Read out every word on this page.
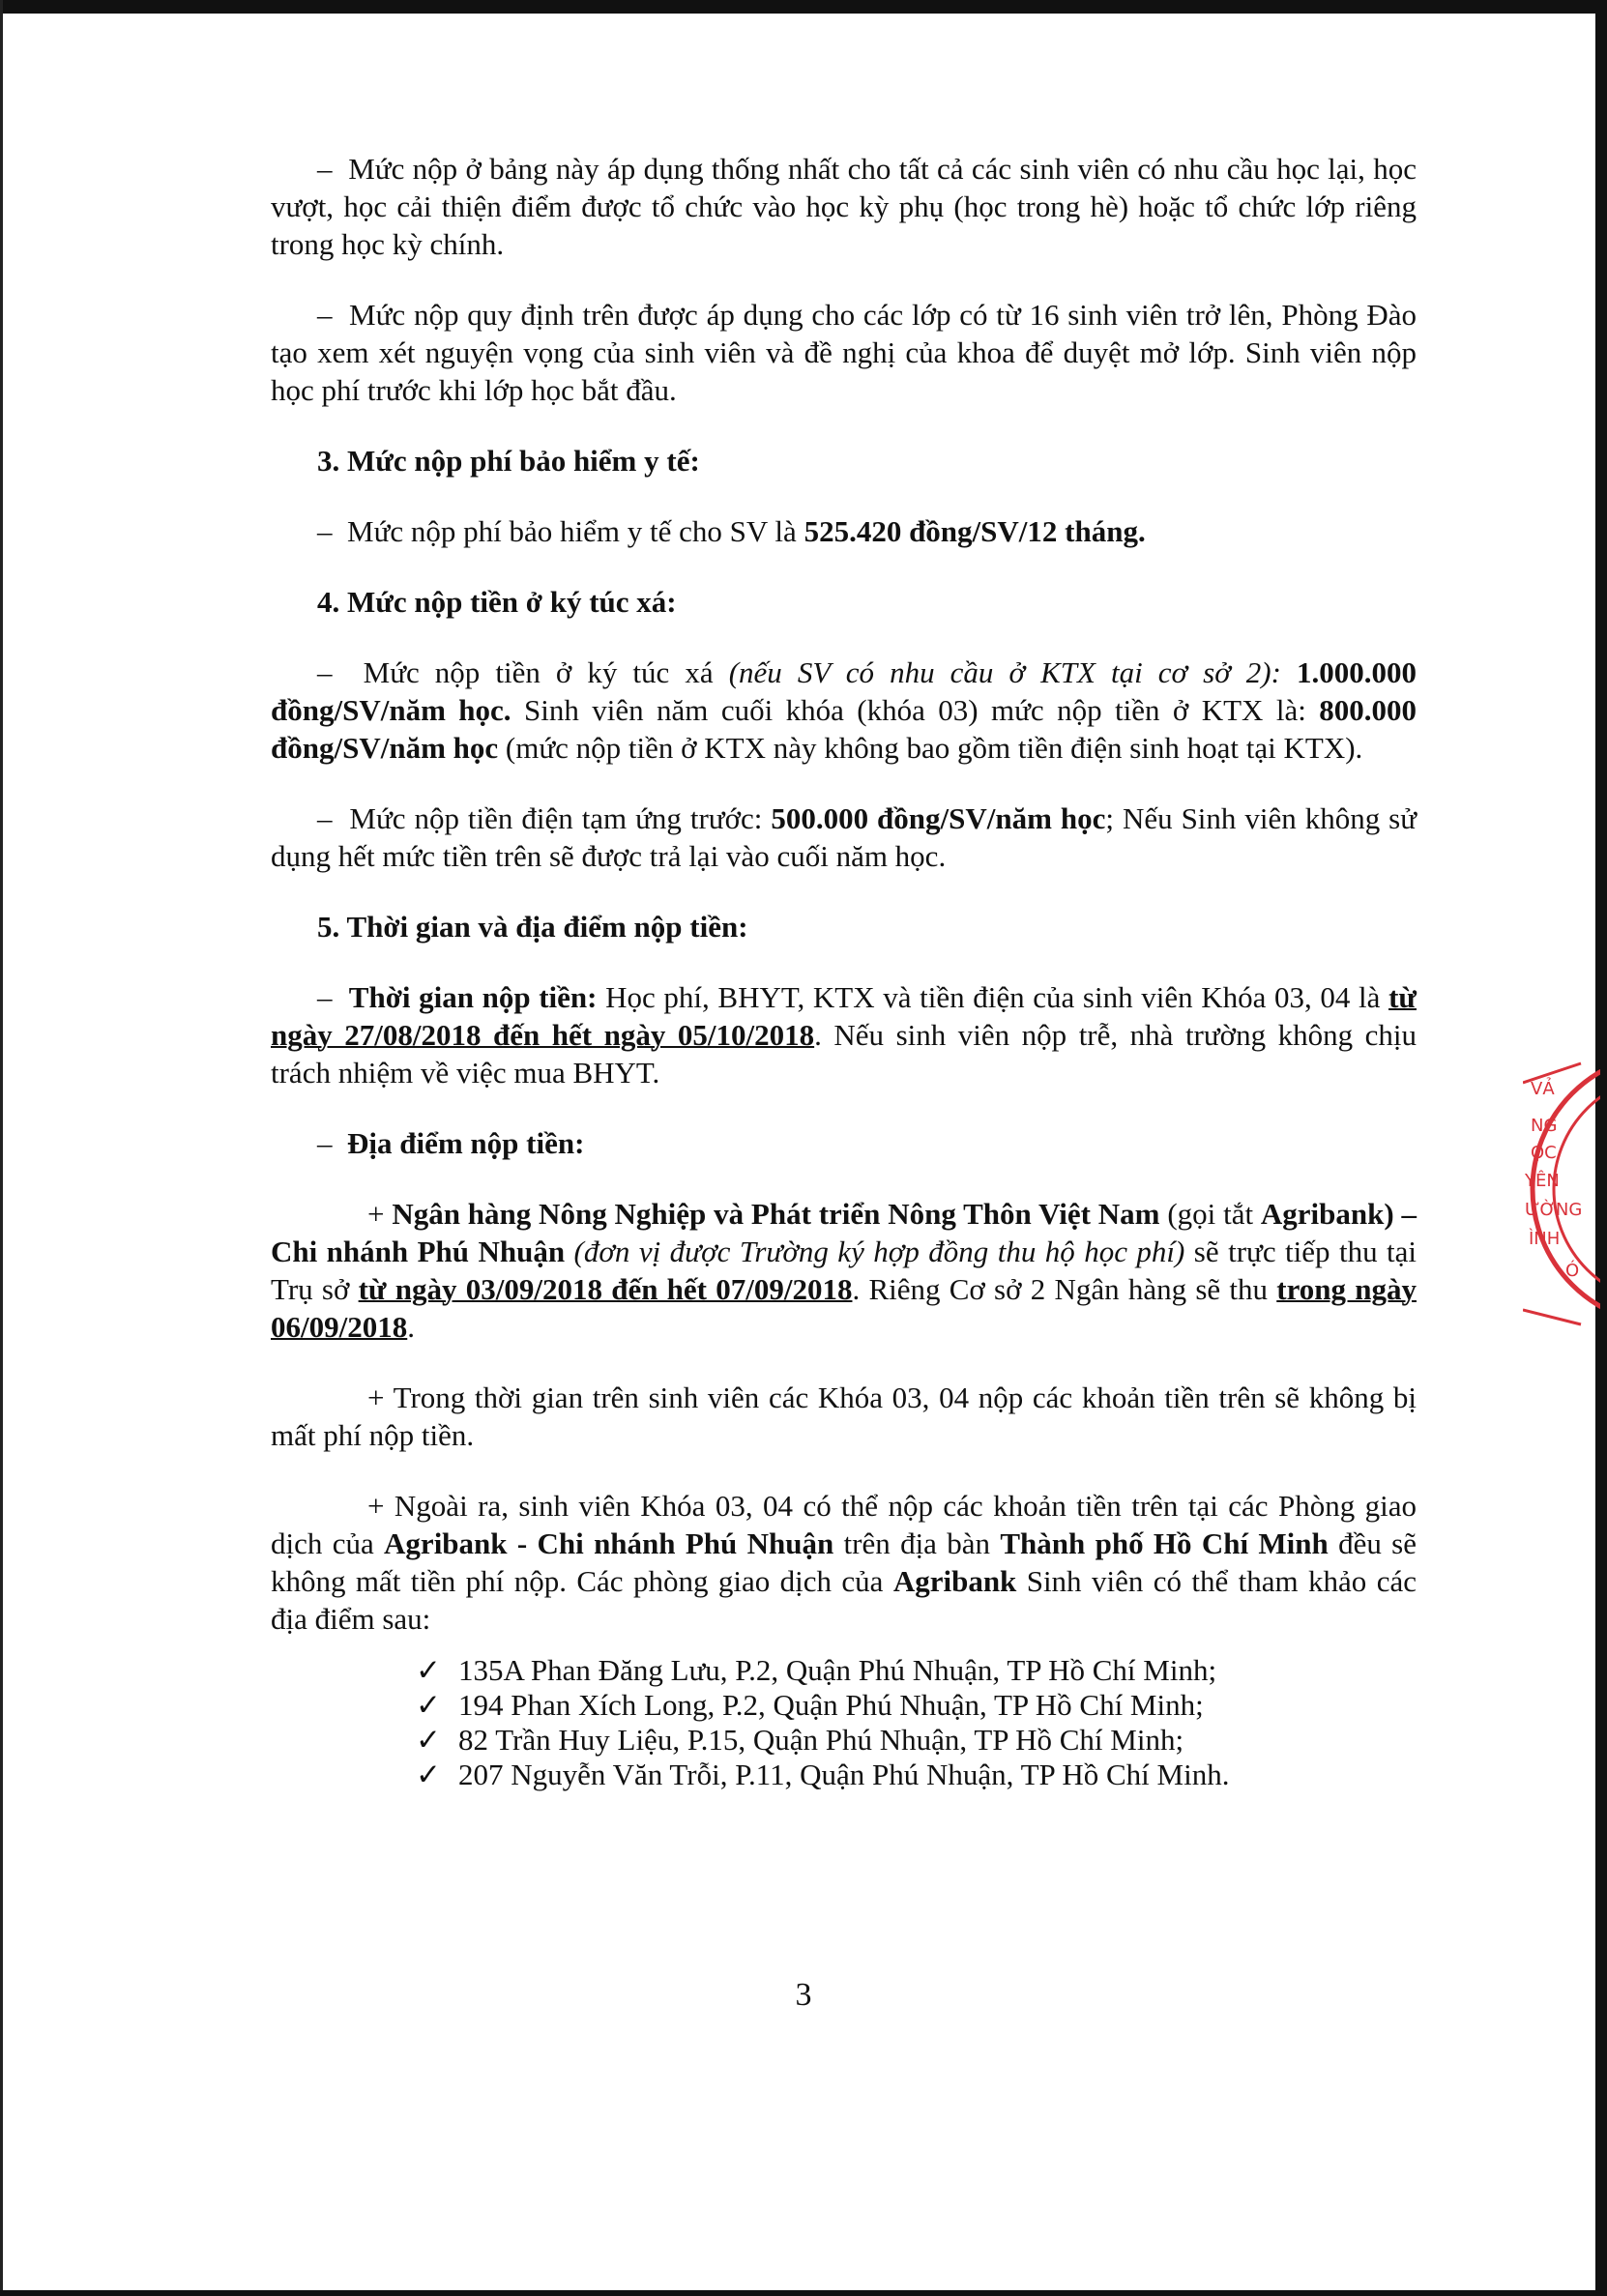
–  Mức nộp ở bảng này áp dụng thống nhất cho tất cả các sinh viên có nhu cầu học lại, học vượt, học cải thiện điểm được tổ chức vào học kỳ phụ (học trong hè) hoặc tổ chức lớp riêng trong học kỳ chính.

–  Mức nộp quy định trên được áp dụng cho các lớp có từ 16 sinh viên trở lên, Phòng Đào tạo xem xét nguyện vọng của sinh viên và đề nghị của khoa để duyệt mở lớp. Sinh viên nộp học phí trước khi lớp học bắt đầu.

3. Mức nộp phí bảo hiểm y tế:

–  Mức nộp phí bảo hiểm y tế cho SV là 525.420 đồng/SV/12 tháng.

4. Mức nộp tiền ở ký túc xá:

–  Mức nộp tiền ở ký túc xá (nếu SV có nhu cầu ở KTX tại cơ sở 2): 1.000.000 đồng/SV/năm học. Sinh viên năm cuối khóa (khóa 03) mức nộp tiền ở KTX là: 800.000 đồng/SV/năm học (mức nộp tiền ở KTX này không bao gồm tiền điện sinh hoạt tại KTX).

–  Mức nộp tiền điện tạm ứng trước: 500.000 đồng/SV/năm học; Nếu Sinh viên không sử dụng hết mức tiền trên sẽ được trả lại vào cuối năm học.

5. Thời gian và địa điểm nộp tiền:

–  Thời gian nộp tiền: Học phí, BHYT, KTX và tiền điện của sinh viên Khóa 03, 04 là từ ngày 27/08/2018 đến hết ngày 05/10/2018. Nếu sinh viên nộp trễ, nhà trường không chịu trách nhiệm về việc mua BHYT.

–  Địa điểm nộp tiền:

+ Ngân hàng Nông Nghiệp và Phát triển Nông Thôn Việt Nam (gọi tắt Agribank) – Chi nhánh Phú Nhuận (đơn vị được Trường ký hợp đồng thu hộ học phí) sẽ trực tiếp thu tại Trụ sở từ ngày 03/09/2018 đến hết 07/09/2018. Riêng Cơ sở 2 Ngân hàng sẽ thu trong ngày 06/09/2018.

+ Trong thời gian trên sinh viên các Khóa 03, 04 nộp các khoản tiền trên sẽ không bị mất phí nộp tiền.

+ Ngoài ra, sinh viên Khóa 03, 04 có thể nộp các khoản tiền trên tại các Phòng giao dịch của Agribank - Chi nhánh Phú Nhuận trên địa bàn Thành phố Hồ Chí Minh đều sẽ không mất tiền phí nộp. Các phòng giao dịch của Agribank Sinh viên có thể tham khảo các địa điểm sau:

✓ 135A Phan Đăng Lưu, P.2, Quận Phú Nhuận, TP Hồ Chí Minh;
✓ 194 Phan Xích Long, P.2, Quận Phú Nhuận, TP Hồ Chí Minh;
✓ 82 Trần Huy Liệu, P.15, Quận Phú Nhuận, TP Hồ Chí Minh;
✓ 207 Nguyễn Văn Trỗi, P.11, Quận Phú Nhuận, TP Hồ Chí Minh.
3
VẢ
NG
ỌC
YÊN
ƯỜNG
ÌNH
Ó
